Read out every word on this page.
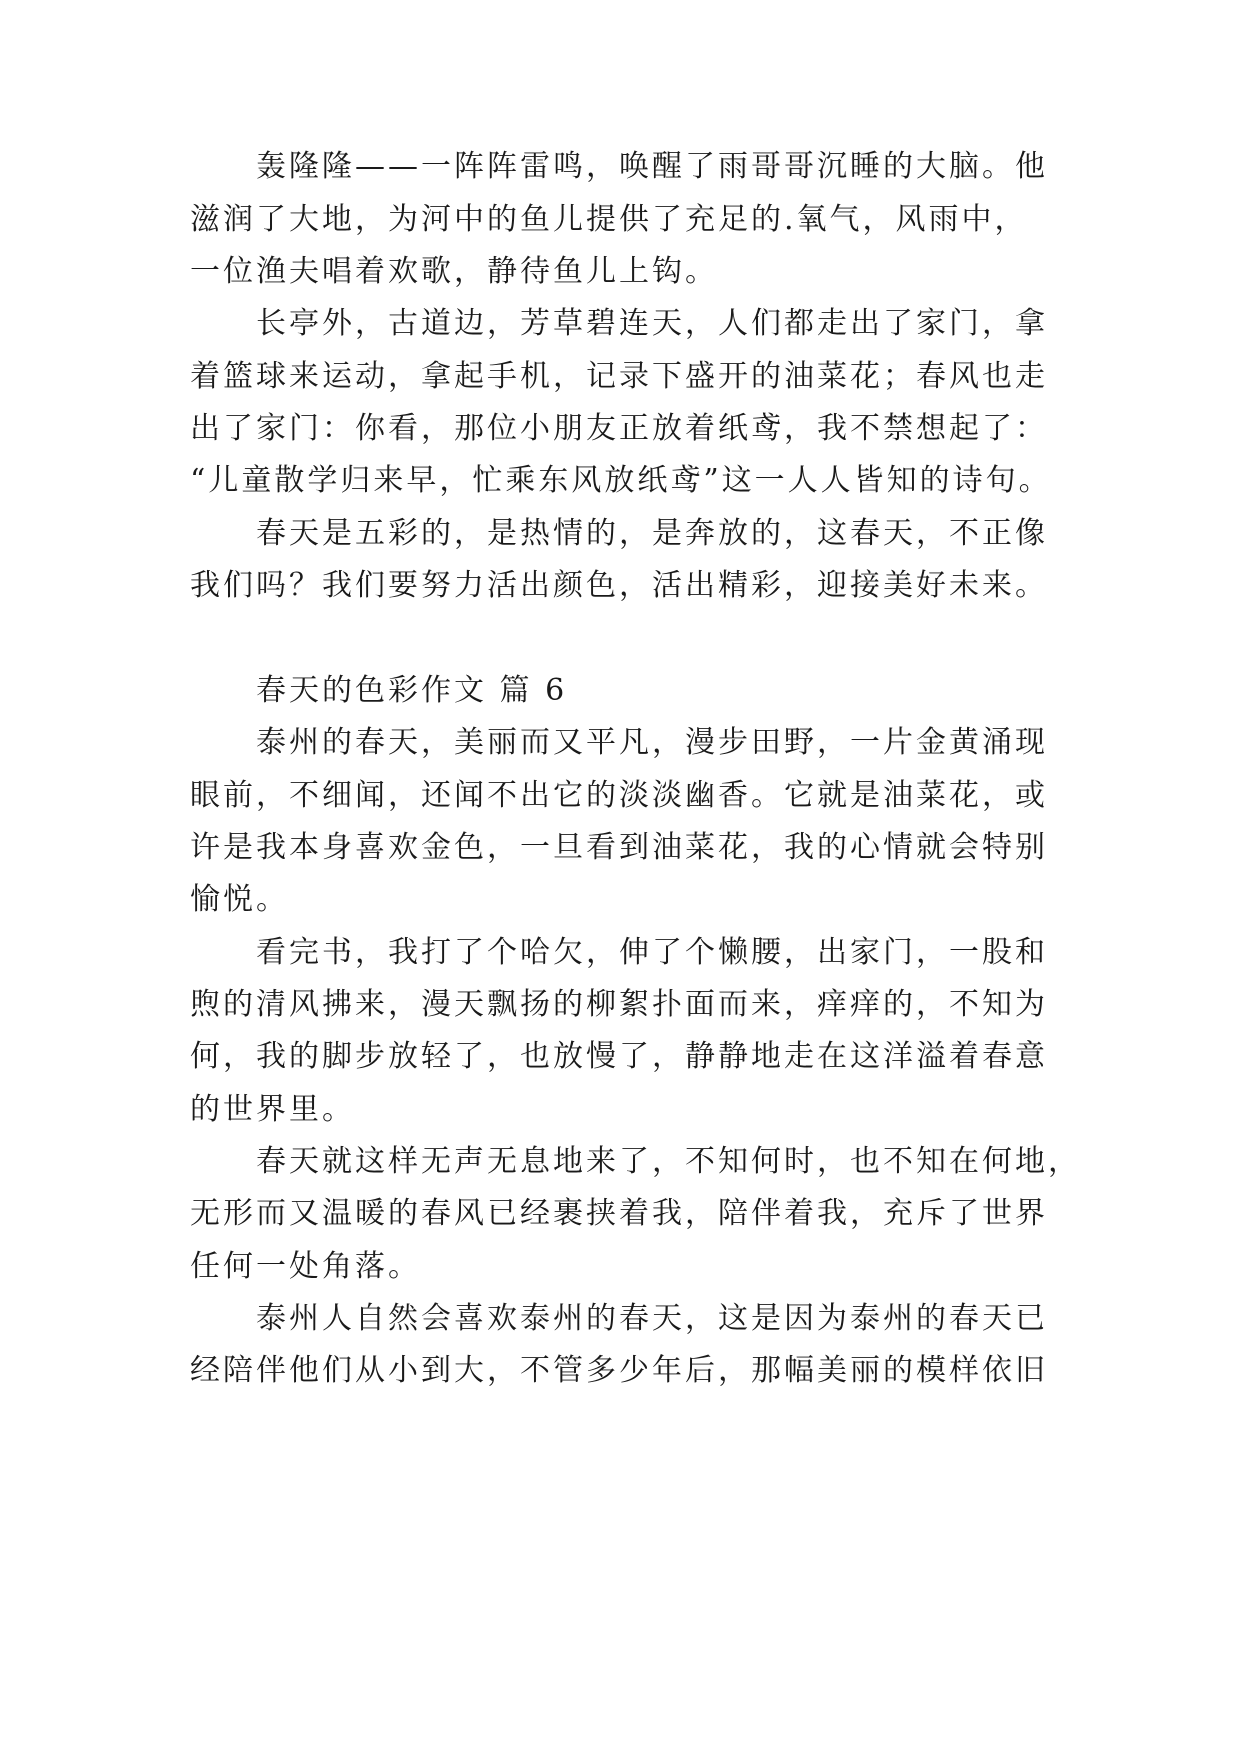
轰隆隆——一阵阵雷鸣，唤醒了雨哥哥沉睡的大脑。他
滋润了大地，为河中的鱼儿提供了充足的.氧气，风雨中，
一位渔夫唱着欢歌，静待鱼儿上钩。
长亭外，古道边，芳草碧连天，人们都走出了家门，拿
着篮球来运动，拿起手机，记录下盛开的油菜花；春风也走
出了家门：你看，那位小朋友正放着纸鸢，我不禁想起了：
“儿童散学归来早，忙乘东风放纸鸢”这一人人皆知的诗句。
春天是五彩的，是热情的，是奔放的，这春天，不正像
我们吗？我们要努力活出颜色，活出精彩，迎接美好未来。
春天的色彩作文 篇 6
泰州的春天，美丽而又平凡，漫步田野，一片金黄涌现
眼前，不细闻，还闻不出它的淡淡幽香。它就是油菜花，或
许是我本身喜欢金色，一旦看到油菜花，我的心情就会特别
愉悦。
看完书，我打了个哈欠，伸了个懒腰，出家门，一股和
煦的清风拂来，漫天飘扬的柳絮扑面而来，痒痒的，不知为
何，我的脚步放轻了，也放慢了，静静地走在这洋溢着春意
的世界里。
春天就这样无声无息地来了，不知何时，也不知在何地，
无形而又温暖的春风已经裹挟着我，陪伴着我，充斥了世界
任何一处角落。
泰州人自然会喜欢泰州的春天，这是因为泰州的春天已
经陪伴他们从小到大，不管多少年后，那幅美丽的模样依旧
